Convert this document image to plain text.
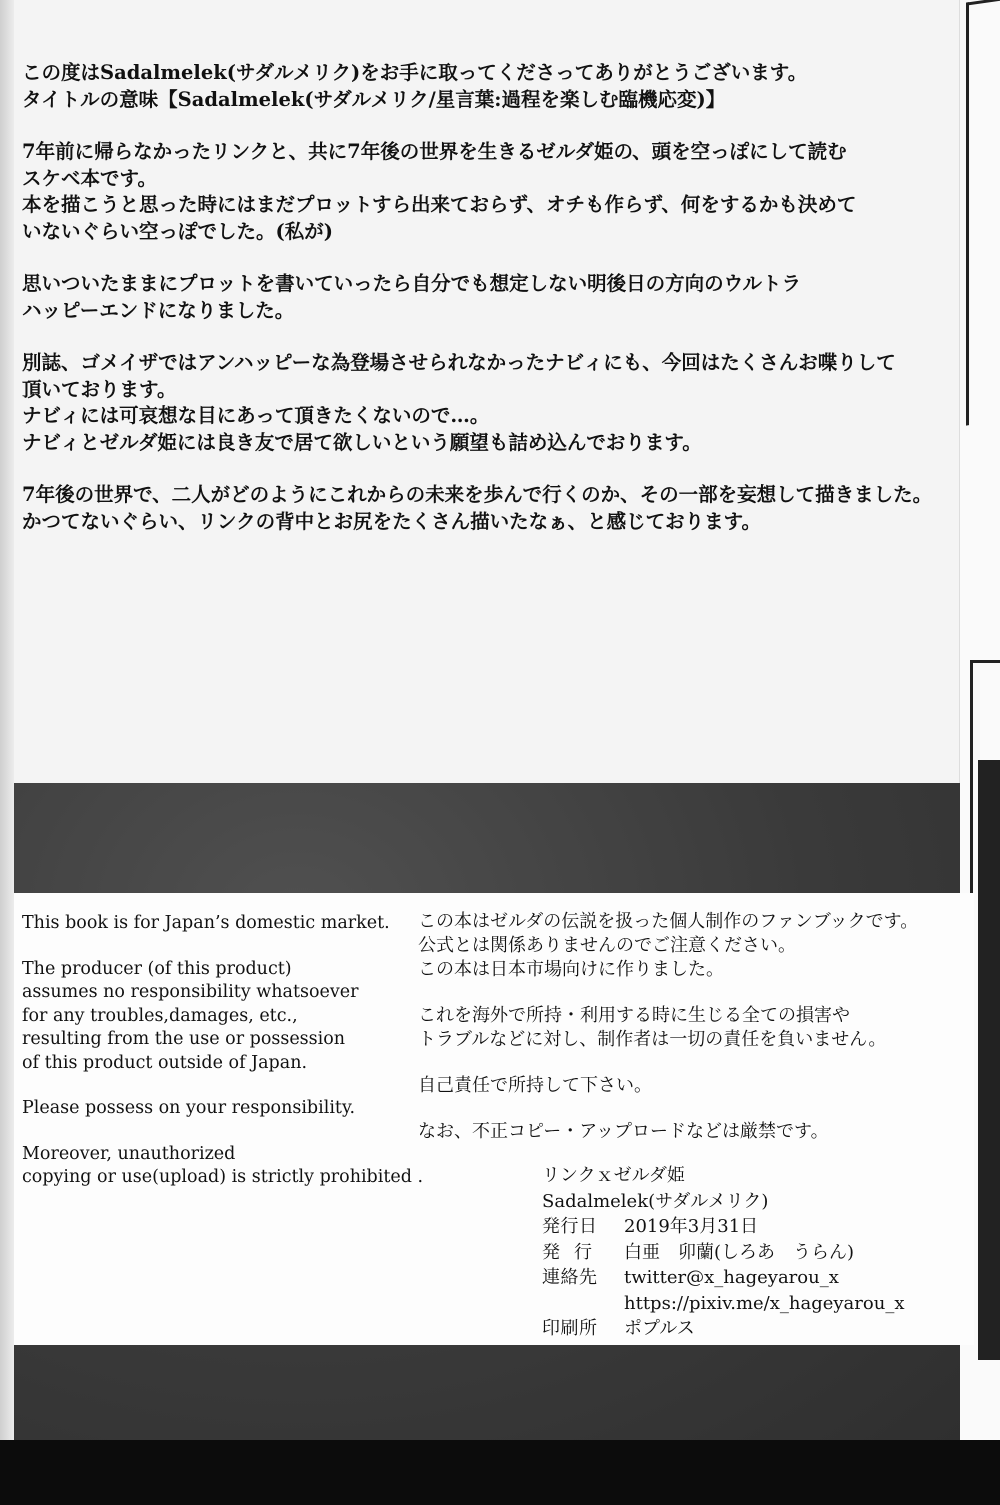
この度はSadalmelek(サダルメリク)をお手に取ってくださってありがとうございます。
タイトルの意味【Sadalmelek(サダルメリク/星言葉:過程を楽しむ臨機応変)】

7年前に帰らなかったリンクと、共に7年後の世界を生きるゼルダ姫の、頭を空っぽにして読む
スケベ本です。
本を描こうと思った時にはまだプロットすら出来ておらず、オチも作らず、何をするかも決めて
いないぐらい空っぽでした。(私が)

思いついたままにプロットを書いていったら自分でも想定しない明後日の方向のウルトラ
ハッピーエンドになりました。

別誌、ゴメイザではアンハッピーな為登場させられなかったナビィにも、今回はたくさんお喋りして
頂いております。
ナビィには可哀想な目にあって頂きたくないので…。
ナビィとゼルダ姫には良き友で居て欲しいという願望も詰め込んでおります。

7年後の世界で、二人がどのようにこれからの未来を歩んで行くのか、その一部を妄想して描きました。
かつてないぐらい、リンクの背中とお尻をたくさん描いたなぁ、と感じております。

This book is for Japan’s domestic market.

The producer (of this product)
assumes no responsibility whatsoever
for any troubles,damages, etc.,
resulting from the use or possession
of this product outside of Japan.

Please possess on your responsibility.

Moreover, unauthorized
copying or use(upload) is strictly prohibited .

この本はゼルダの伝説を扱った個人制作のファンブックです。
公式とは関係ありませんのでご注意ください。
この本は日本市場向けに作りました。

これを海外で所持・利用する時に生じる全ての損害や
トラブルなどに対し、制作者は一切の責任を負いません。

自己責任で所持して下さい。

なお、不正コピー・アップロードなどは厳禁です。

リンクｘゼルダ姫
Sadalmelek(サダルメリク)
発行日	2019年3月31日
発行	白亜　卯蘭(しろあ　うらん)
連絡先	twitter@x_hageyarou_x
https://pixiv.me/x_hageyarou_x
印刷所	ポプルス
